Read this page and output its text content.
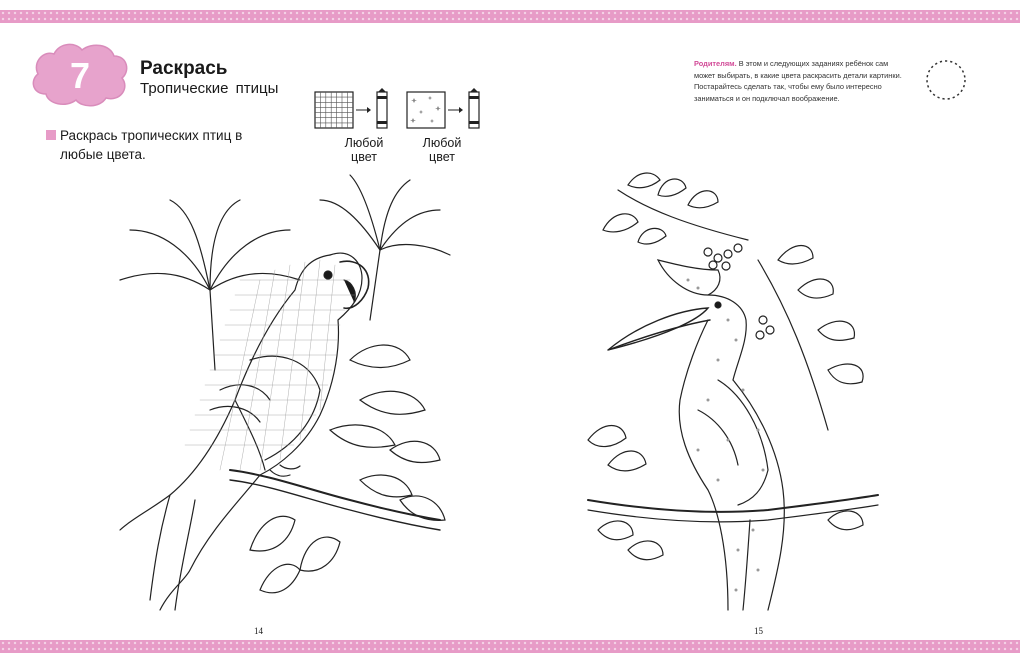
7	Раскрась
Тропические птицы
Раскрась тропических птиц в любые цвета.
Любой цвет
Любой цвет
Родителям. В этом и следующих заданиях ребёнок сам может выбирать, в какие цвета раскрасить детали картинки. Постарайтесь сделать так, чтобы ему было интересно заниматься и он подключал воображение.
14	15
